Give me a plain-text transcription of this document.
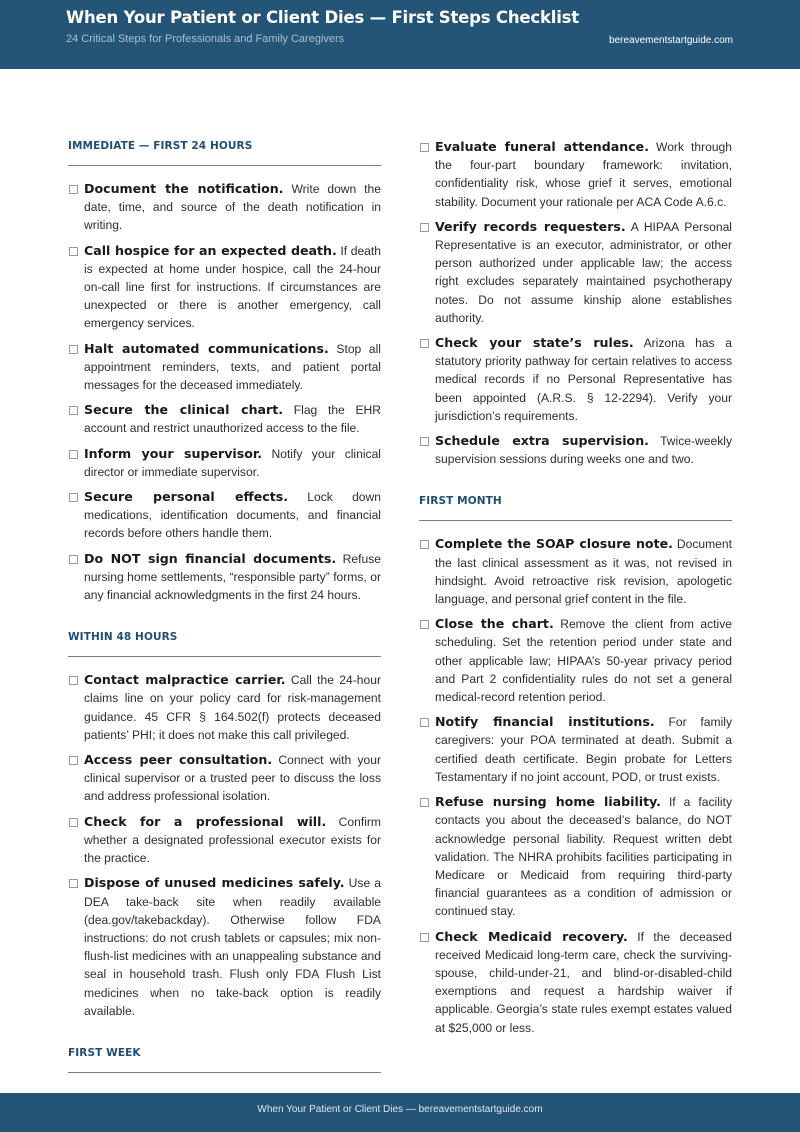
When Your Patient or Client Dies — First Steps Checklist
24 Critical Steps for Professionals and Family Caregivers	bereavementstartguide.com
IMMEDIATE — FIRST 24 HOURS
Document the notification. Write down the date, time, and source of the death notification in writing.
Call hospice for an expected death. If death is expected at home under hospice, call the 24-hour on-call line first for instructions. If circumstances are unexpected or there is another emergency, call emergency services.
Halt automated communications. Stop all appointment reminders, texts, and patient portal messages for the deceased immediately.
Secure the clinical chart. Flag the EHR account and restrict unauthorized access to the file.
Inform your supervisor. Notify your clinical director or immediate supervisor.
Secure personal effects. Lock down medications, identification documents, and financial records before others handle them.
Do NOT sign financial documents. Refuse nursing home settlements, “responsible party” forms, or any financial acknowledgments in the first 24 hours.
WITHIN 48 HOURS
Contact malpractice carrier. Call the 24-hour claims line on your policy card for risk-management guidance. 45 CFR § 164.502(f) protects deceased patients’ PHI; it does not make this call privileged.
Access peer consultation. Connect with your clinical supervisor or a trusted peer to discuss the loss and address professional isolation.
Check for a professional will. Confirm whether a designated professional executor exists for the practice.
Dispose of unused medicines safely. Use a DEA take-back site when readily available (dea.gov/takebackday). Otherwise follow FDA instructions: do not crush tablets or capsules; mix non-flush-list medicines with an unappealing substance and seal in household trash. Flush only FDA Flush List medicines when no take-back option is readily available.
FIRST WEEK
Evaluate funeral attendance. Work through the four-part boundary framework: invitation, confidentiality risk, whose grief it serves, emotional stability. Document your rationale per ACA Code A.6.c.
Verify records requesters. A HIPAA Personal Representative is an executor, administrator, or other person authorized under applicable law; the access right excludes separately maintained psychotherapy notes. Do not assume kinship alone establishes authority.
Check your state’s rules. Arizona has a statutory priority pathway for certain relatives to access medical records if no Personal Representative has been appointed (A.R.S. § 12-2294). Verify your jurisdiction’s requirements.
Schedule extra supervision. Twice-weekly supervision sessions during weeks one and two.
FIRST MONTH
Complete the SOAP closure note. Document the last clinical assessment as it was, not revised in hindsight. Avoid retroactive risk revision, apologetic language, and personal grief content in the file.
Close the chart. Remove the client from active scheduling. Set the retention period under state and other applicable law; HIPAA’s 50-year privacy period and Part 2 confidentiality rules do not set a general medical-record retention period.
Notify financial institutions. For family caregivers: your POA terminated at death. Submit a certified death certificate. Begin probate for Letters Testamentary if no joint account, POD, or trust exists.
Refuse nursing home liability. If a facility contacts you about the deceased’s balance, do NOT acknowledge personal liability. Request written debt validation. The NHRA prohibits facilities participating in Medicare or Medicaid from requiring third-party financial guarantees as a condition of admission or continued stay.
Check Medicaid recovery. If the deceased received Medicaid long-term care, check the surviving-spouse, child-under-21, and blind-or-disabled-child exemptions and request a hardship waiver if applicable. Georgia’s state rules exempt estates valued at $25,000 or less.
When Your Patient or Client Dies — bereavementstartguide.com
